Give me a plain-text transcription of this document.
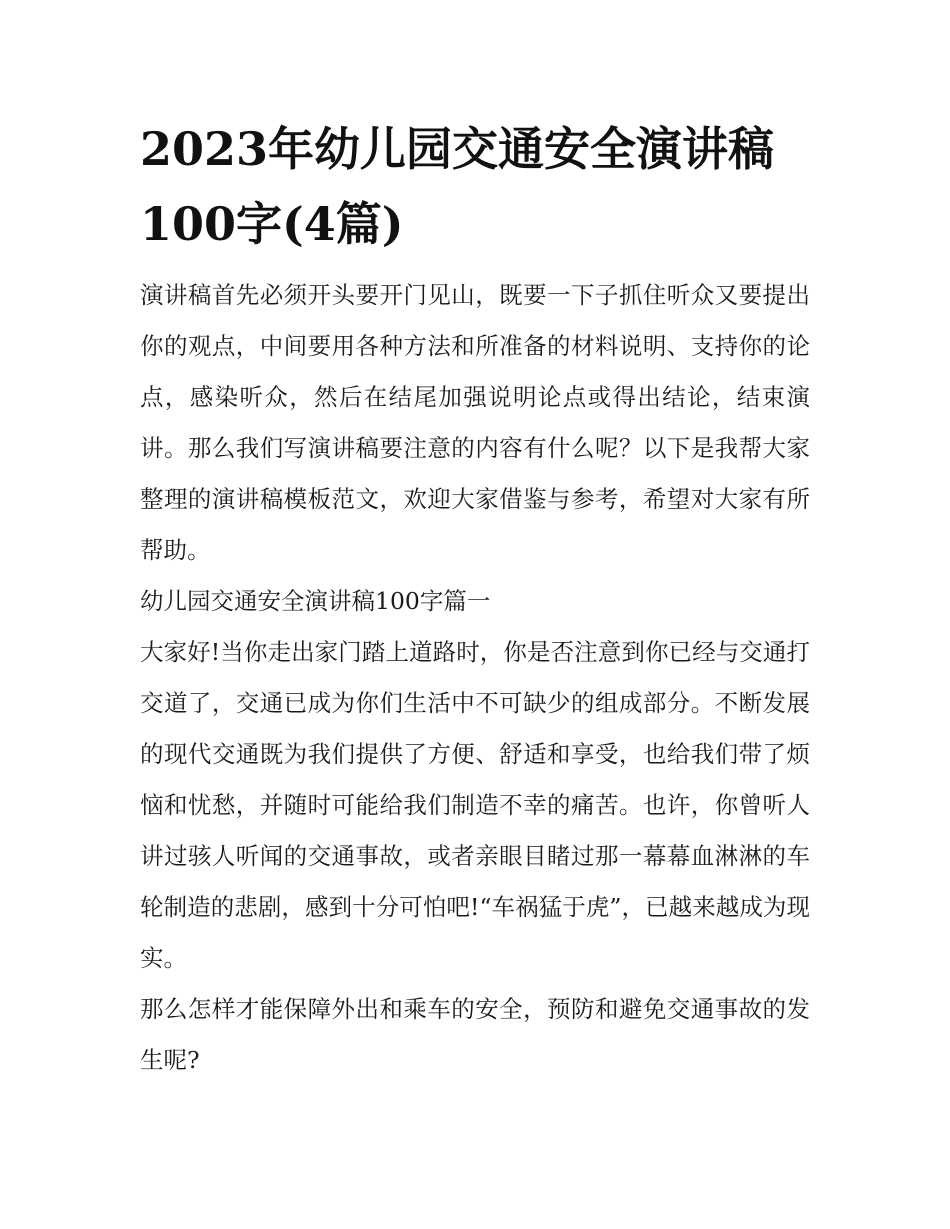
2023年幼儿园交通安全演讲稿100字(4篇)

演讲稿首先必须开头要开门见山，既要一下子抓住听众又要提出你的观点，中间要用各种方法和所准备的材料说明、支持你的论点，感染听众，然后在结尾加强说明论点或得出结论，结束演讲。那么我们写演讲稿要注意的内容有什么呢？以下是我帮大家整理的演讲稿模板范文，欢迎大家借鉴与参考，希望对大家有所帮助。

幼儿园交通安全演讲稿100字篇一

大家好!当你走出家门踏上道路时，你是否注意到你已经与交通打交道了，交通已成为你们生活中不可缺少的组成部分。不断发展的现代交通既为我们提供了方便、舒适和享受，也给我们带了烦恼和忧愁，并随时可能给我们制造不幸的痛苦。也许，你曾听人讲过骇人听闻的交通事故，或者亲眼目睹过那一幕幕血淋淋的车轮制造的悲剧，感到十分可怕吧!“车祸猛于虎”，已越来越成为现实。

那么怎样才能保障外出和乘车的安全，预防和避免交通事故的发生呢?
